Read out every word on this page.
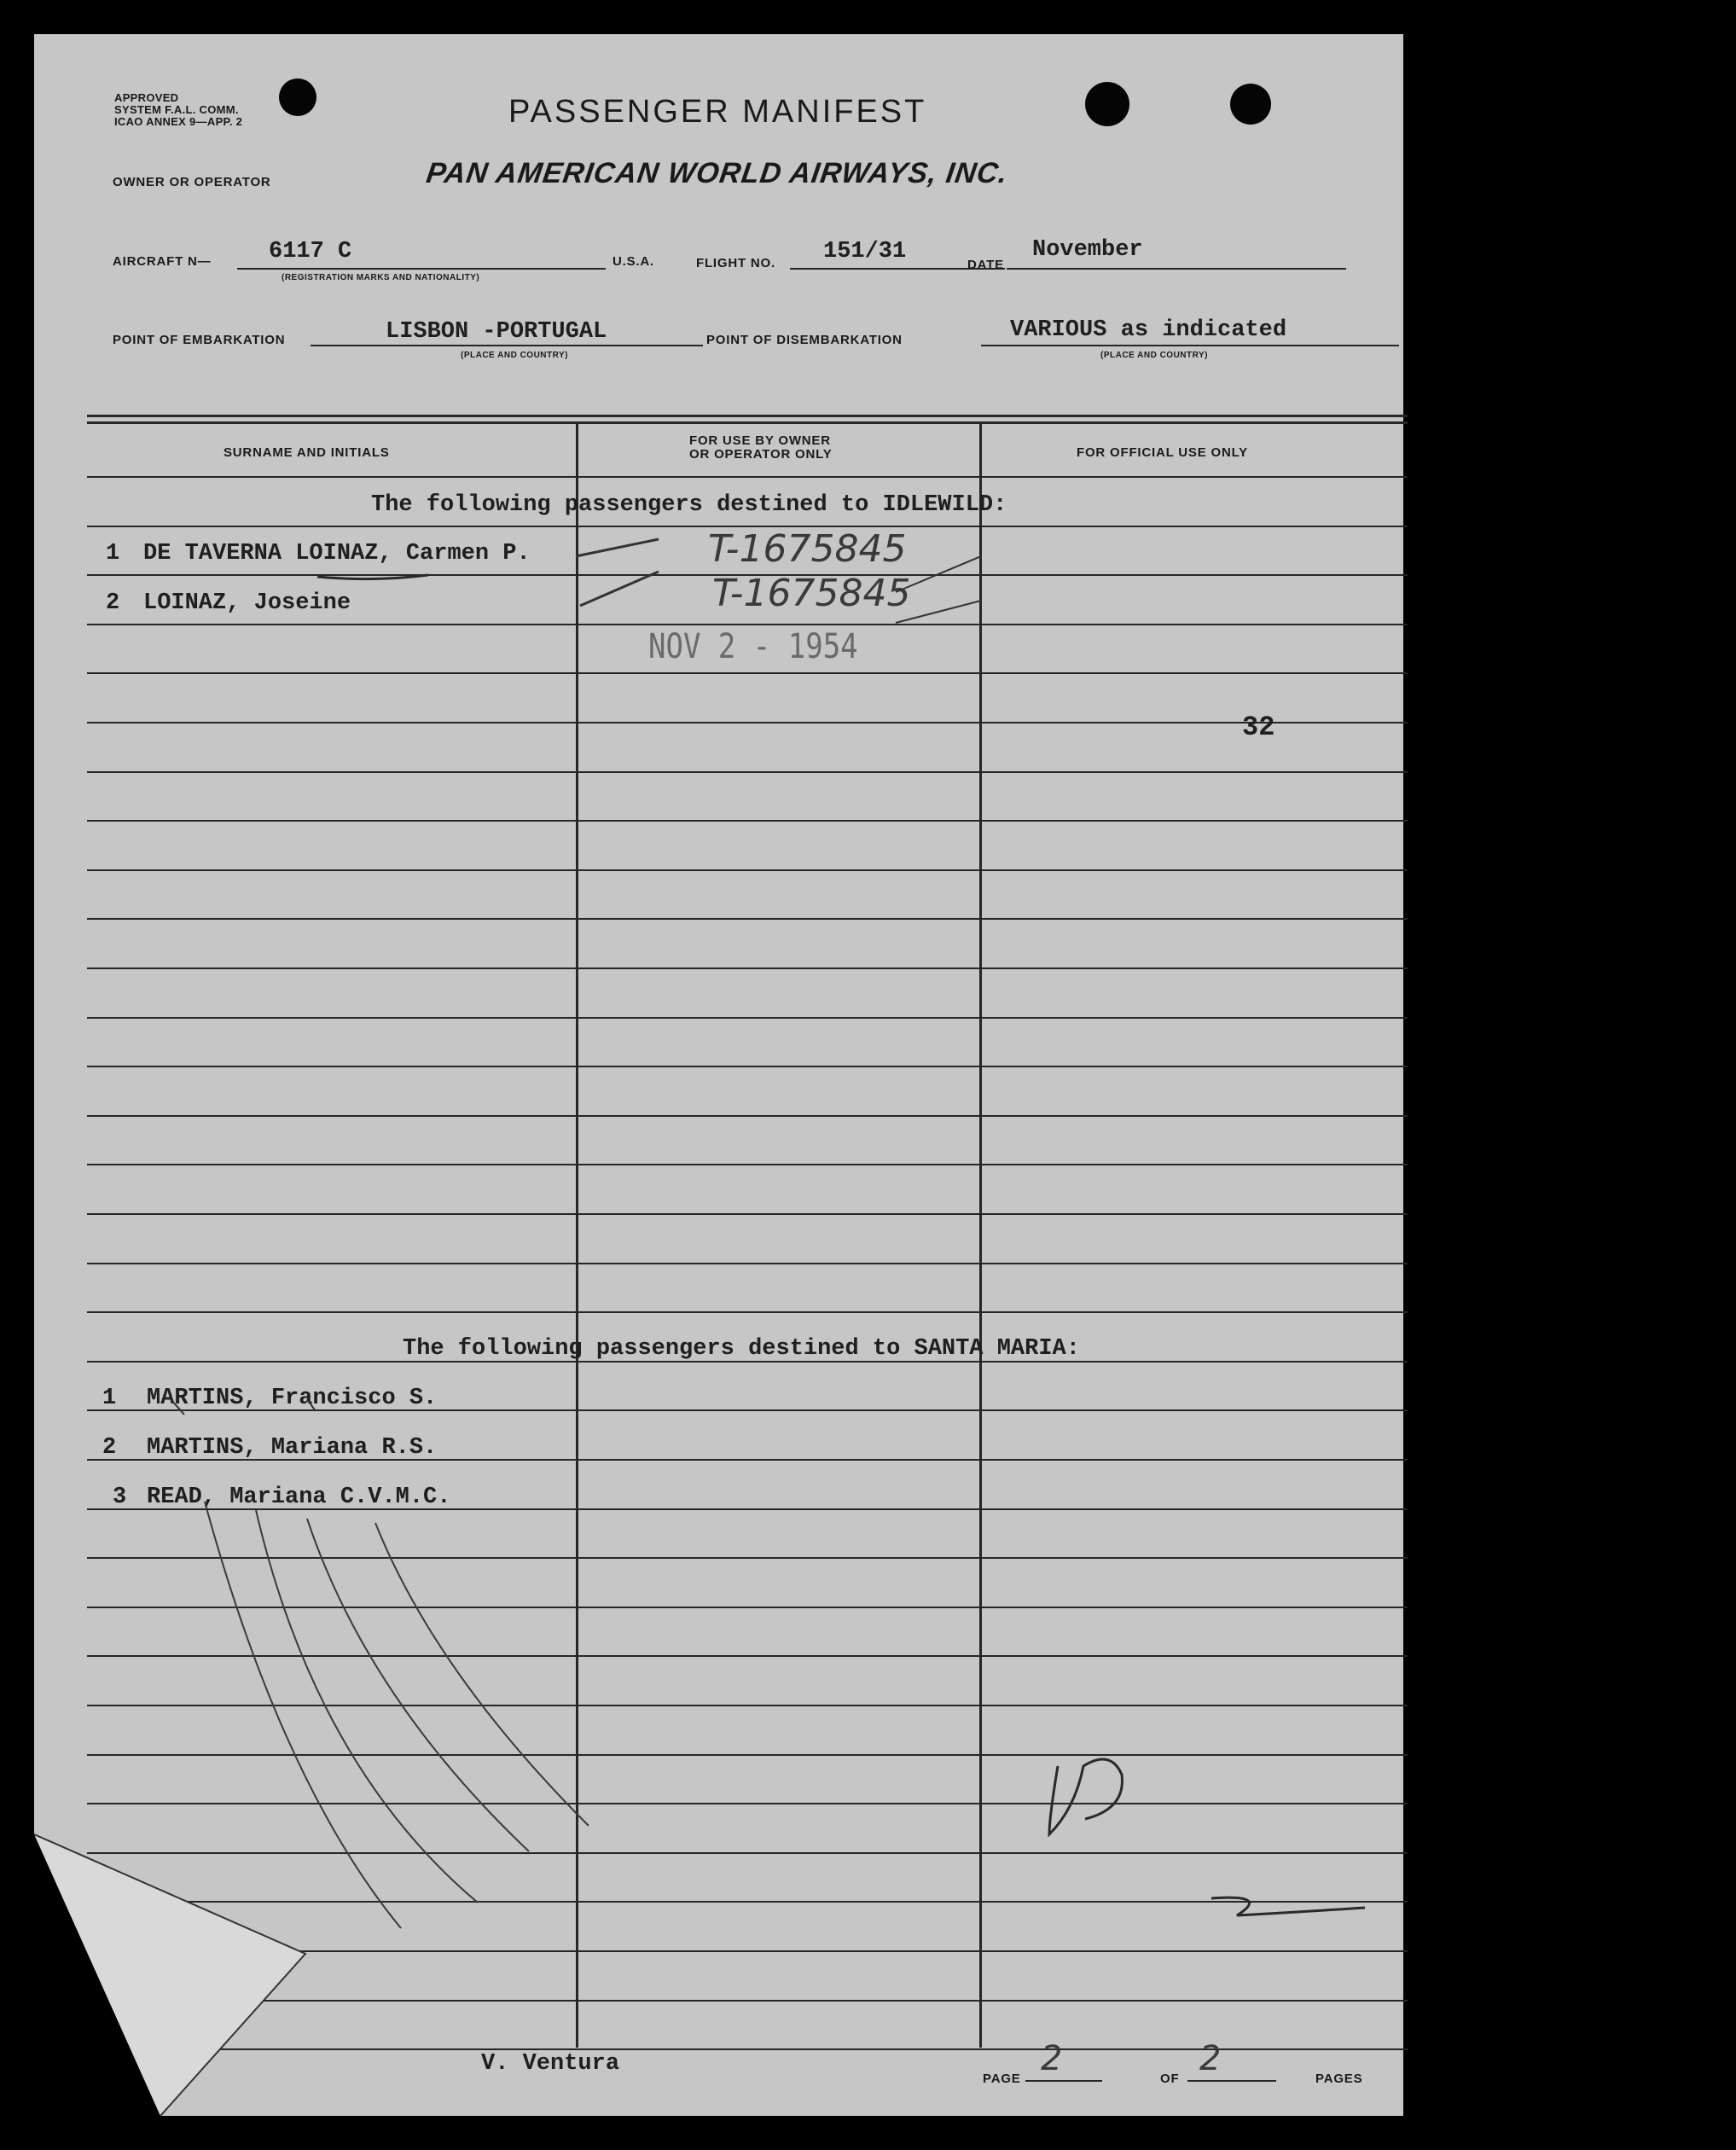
APPROVED
SYSTEM F.A.L. COMM.
ICAO ANNEX 9—APP. 2	PASSENGER MANIFEST
OWNER OR OPERATOR	PAN AMERICAN WORLD AIRWAYS, INC.
AIRCRAFT N—	6117 C
(REGISTRATION MARKS AND NATIONALITY)
U.S.A.	FLIGHT NO. 151/31
DATE
November
POINT OF EMBARKATION	LISBON -PORTUGAL
(PLACE AND COUNTRY)
POINT OF DISEMBARKATION	VARIOUS as indicated
(PLACE AND COUNTRY)
SURNAME AND INITIALS
FOR USE BY OWNER
OR OPERATOR ONLY	FOR OFFICIAL USE ONLY
The following passengers destined to IDLEWILD:
1 DE TAVERNA LOINAZ, Carmen P.	T-1675845
2 LOINAZ, Joseine	T-1675845
NOV 2 - 1954
32
The following passengers destined to SANTA MARIA:
1 MARTINS, Francisco S.
2 MARTINS, Mariana R.S.
3 READ, Mariana C.V.M.C.
V. Ventura
PAGE
2
OF
2
PAGES
